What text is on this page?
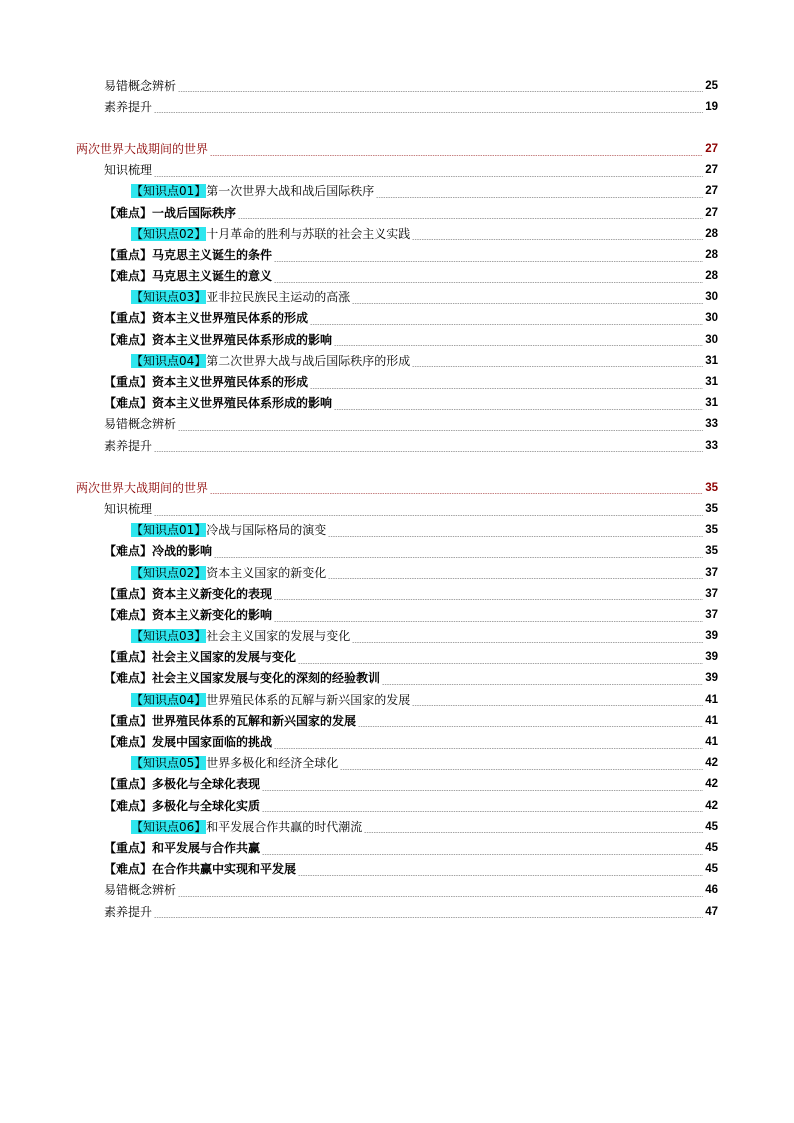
易错概念辨析	25
素养提升	19
两次世界大战期间的世界	27
知识梳理	27
【知识点01】第一次世界大战和战后国际秩序	27
【难点】一战后国际秩序	27
【知识点02】十月革命的胜利与苏联的社会主义实践	28
【重点】马克思主义诞生的条件	28
【难点】马克思主义诞生的意义	28
【知识点03】亚非拉民族民主运动的高涨	30
【重点】资本主义世界殖民体系的形成	30
【难点】资本主义世界殖民体系形成的影响	30
【知识点04】第二次世界大战与战后国际秩序的形成	31
【重点】资本主义世界殖民体系的形成	31
【难点】资本主义世界殖民体系形成的影响	31
易错概念辨析	33
素养提升	33
两次世界大战期间的世界	35
知识梳理	35
【知识点01】冷战与国际格局的演变	35
【难点】冷战的影响	35
【知识点02】资本主义国家的新变化	37
【重点】资本主义新变化的表现	37
【难点】资本主义新变化的影响	37
【知识点03】社会主义国家的发展与变化	39
【重点】社会主义国家的发展与变化	39
【难点】社会主义国家发展与变化的深刻的经验教训	39
【知识点04】世界殖民体系的瓦解与新兴国家的发展	41
【重点】世界殖民体系的瓦解和新兴国家的发展	41
【难点】发展中国家面临的挑战	41
【知识点05】世界多极化和经济全球化	42
【重点】多极化与全球化表现	42
【难点】多极化与全球化实质	42
【知识点06】和平发展合作共赢的时代潮流	45
【重点】和平发展与合作共赢	45
【难点】在合作共赢中实现和平发展	45
易错概念辨析	46
素养提升	47
